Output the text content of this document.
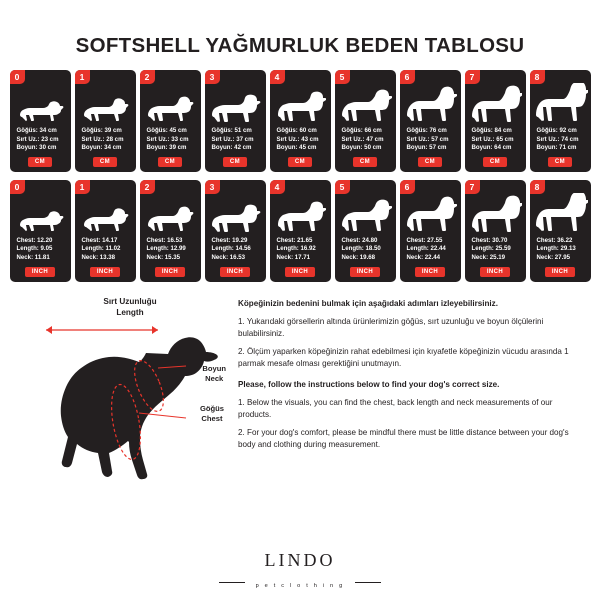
SOFTSHELL YAĞMURLUK BEDEN TABLOSU
0
Göğüs: 34 cm
Sırt Uz.: 23 cm
Boyun: 30 cm
CM
1
Göğüs: 39 cm
Sırt Uz.: 28 cm
Boyun: 34 cm
CM
2
Göğüs: 45 cm
Sırt Uz.: 33 cm
Boyun: 39 cm
CM
3
Göğüs: 51 cm
Sırt Uz.: 37 cm
Boyun: 42 cm
CM
4
Göğüs: 60 cm
Sırt Uz.: 43 cm
Boyun: 45 cm
CM
5
Göğüs: 66 cm
Sırt Uz.: 47 cm
Boyun: 50 cm
CM
6
Göğüs: 76 cm
Sırt Uz.: 57 cm
Boyun: 57 cm
CM
7
Göğüs: 84 cm
Sırt Uz.: 65 cm
Boyun: 64 cm
CM
8
Göğüs: 92 cm
Sırt Uz.: 74 cm
Boyun: 71 cm
CM
0
Chest: 12.20
Length: 9.05
Neck: 11.81
INCH
1
Chest: 14.17
Length: 11.02
Neck: 13.38
INCH
2
Chest: 16.53
Length: 12.99
Neck: 15.35
INCH
3
Chest: 19.29
Length: 14.56
Neck: 16.53
INCH
4
Chest: 21.65
Length: 16.92
Neck: 17.71
INCH
5
Chest: 24.80
Length: 18.50
Neck: 19.68
INCH
6
Chest: 27.55
Length: 22.44
Neck: 22.44
INCH
7
Chest: 30.70
Length: 25.59
Neck: 25.19
INCH
8
Chest: 36.22
Length: 29.13
Neck: 27.95
INCH
Sırt Uzunluğu
Length
Boyun
Neck
Göğüs
Chest

Köpeğinizin bedenini bulmak için aşağıdaki adımları izleyebilirsiniz.

1. Yukarıdaki görsellerin altında ürünlerimizin göğüs, sırt uzunluğu ve boyun ölçülerini bulabilirsiniz.

2. Ölçüm yaparken köpeğinizin rahat edebilmesi için kıyafetle köpeğinizin vücudu arasında 1 parmak mesafe olması gerektiğini unutmayın.

Please, follow the instructions below to find your dog's correct size.

1. Below the visuals, you can find the chest, back length and neck measurements of our products.

2. For your dog's comfort, please be mindful there must be little distance between your dog's body and clothing during measurement.

LINDO
p e t c l o t h i n g
